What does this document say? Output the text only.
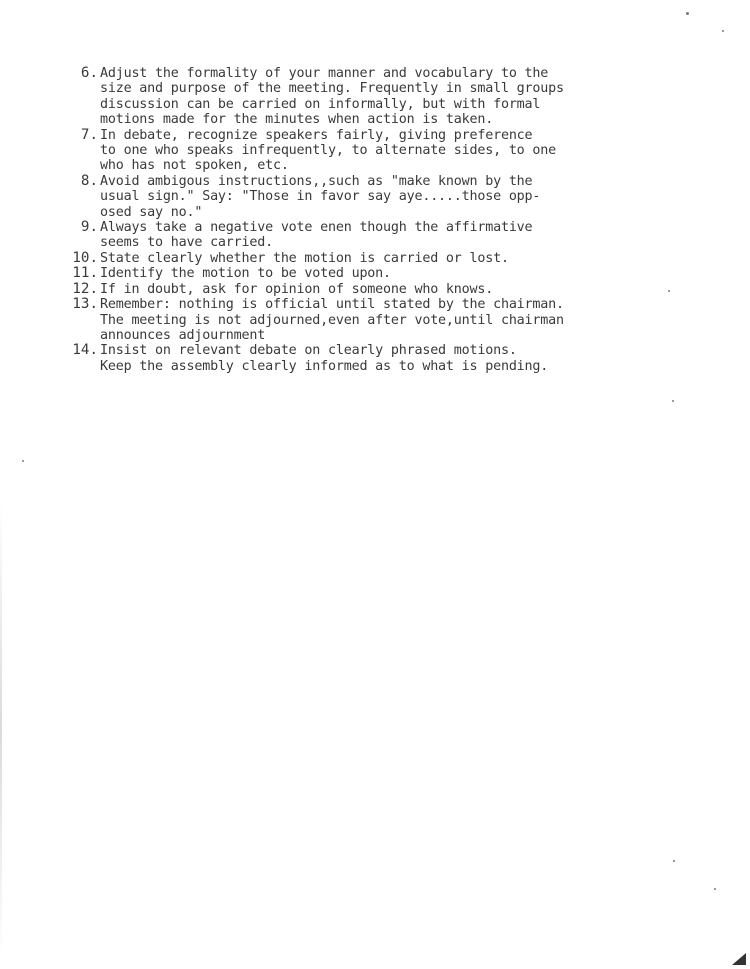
6. Adjust the formality of your manner and vocabulary to the
size and purpose of the meeting. Frequently in small groups
discussion can be carried on informally, but with formal
motions made for the minutes when action is taken.
7. In debate, recognize speakers fairly, giving preference
to one who speaks infrequently, to alternate sides, to one
who has not spoken, etc.
8. Avoid ambigous instructions,,such as "make known by the
usual sign." Say: "Those in favor say aye.....those opp-
osed say no."
9. Always take a negative vote enen though the affirmative
seems to have carried.
10. State clearly whether the motion is carried or lost.
11. Identify the motion to be voted upon.
12. If in doubt, ask for opinion of someone who knows.
13. Remember: nothing is official until stated by the chairman.
The meeting is not adjourned,even after vote,until chairman
announces adjournment
14. Insist on relevant debate on clearly phrased motions.
Keep the assembly clearly informed as to what is pending.
